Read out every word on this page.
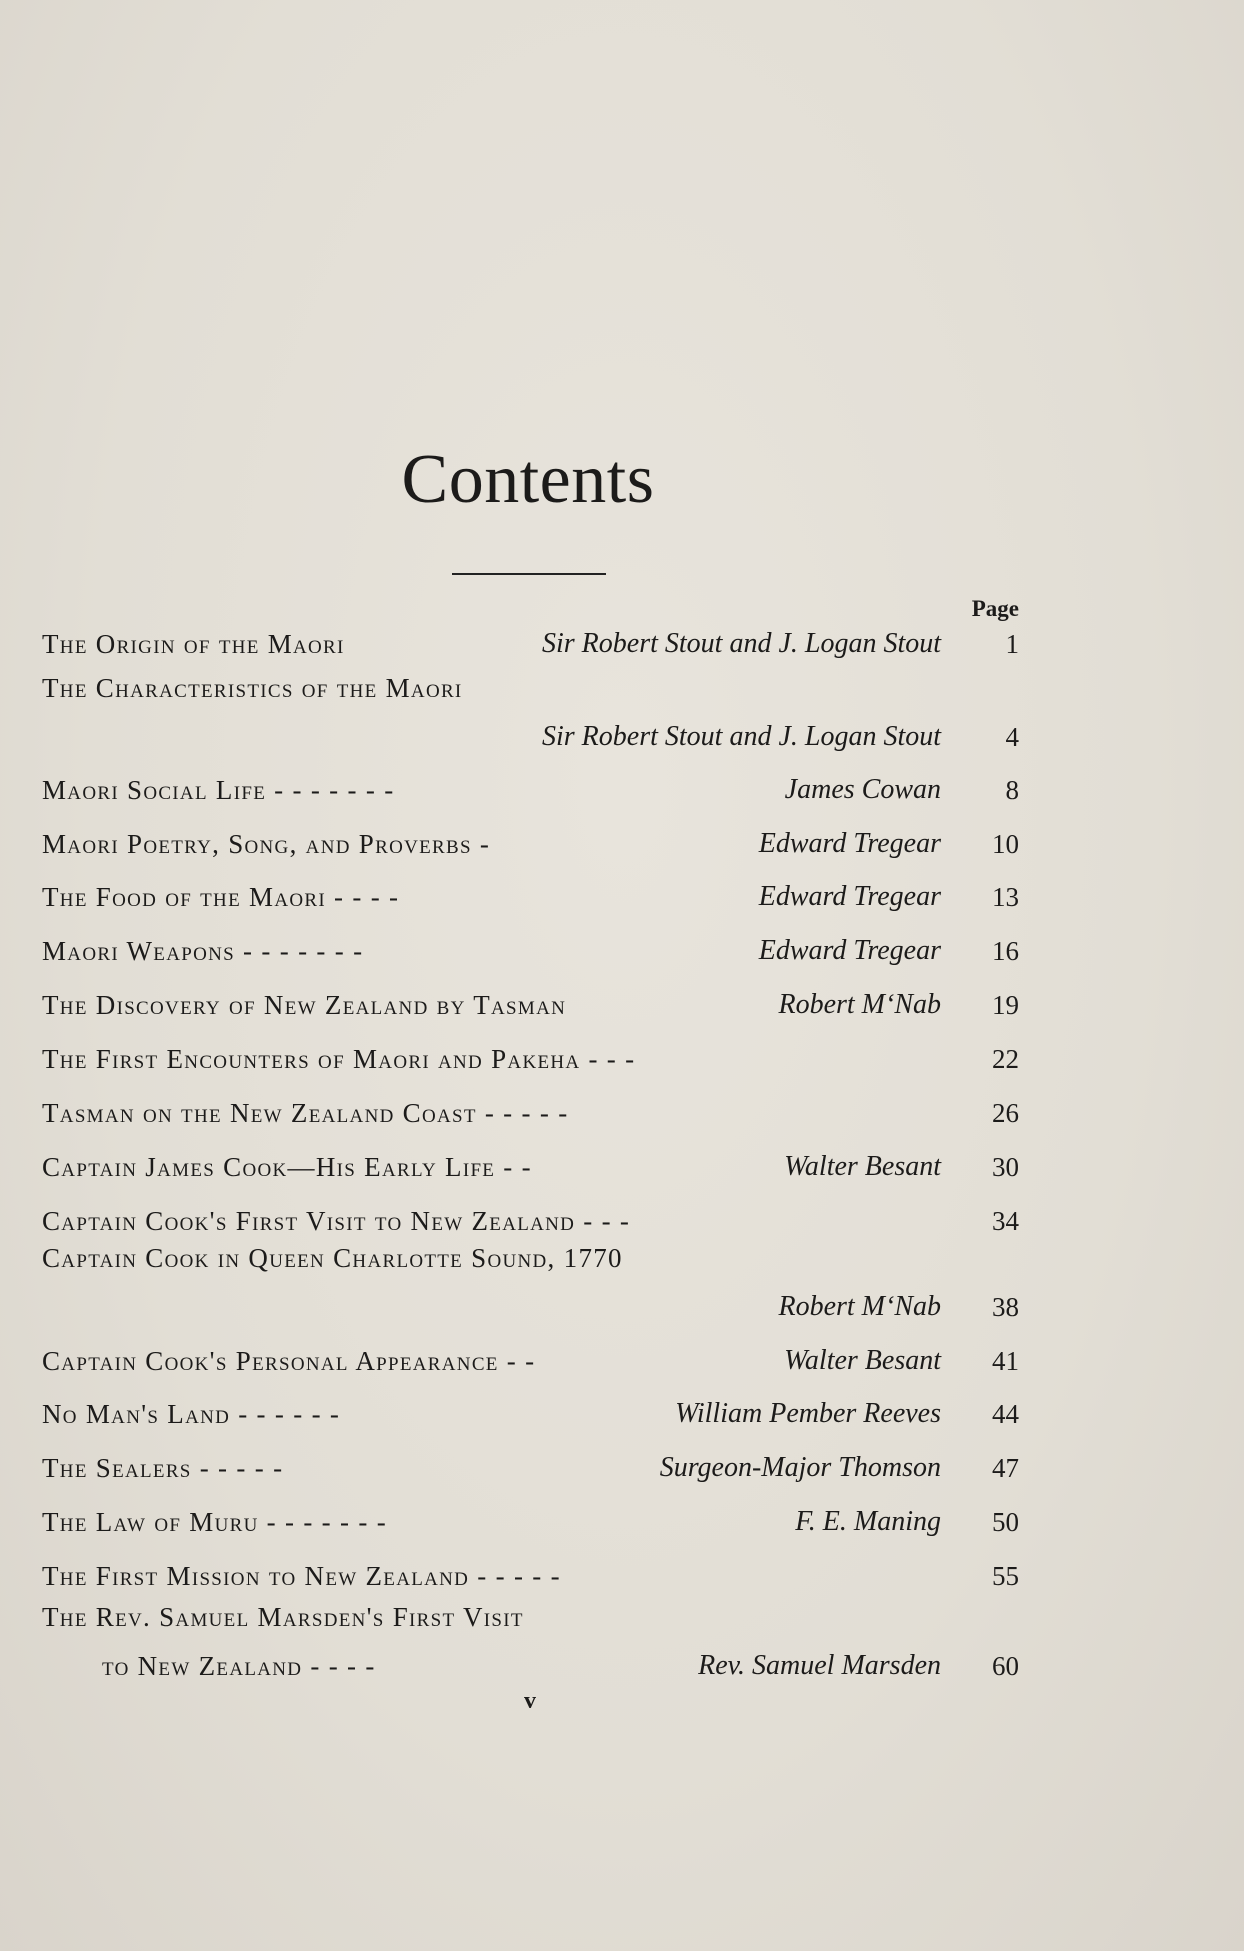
Contents
Page
The Origin of the Maori	Sir Robert Stout and J. Logan Stout	1
The Characteristics of the Maori
Sir Robert Stout and J. Logan Stout	4
Maori Social Life - - - - - - -	James Cowan	8
Maori Poetry, Song, and Proverbs -	Edward Tregear	10
The Food of the Maori - - - -	Edward Tregear	13
Maori Weapons - - - - - - -	Edward Tregear	16
The Discovery of New Zealand by Tasman	Robert M‘Nab	19
The First Encounters of Maori and Pakeha - - -	22
Tasman on the New Zealand Coast - - - - -	26
Captain James Cook—His Early Life - -	Walter Besant	30
Captain Cook's First Visit to New Zealand - - -	34
Captain Cook in Queen Charlotte Sound, 1770
Robert M‘Nab	38
Captain Cook's Personal Appearance - -	Walter Besant	41
No Man's Land - - - - - -	William Pember Reeves	44
The Sealers - - - - -	Surgeon-Major Thomson	47
The Law of Muru - - - - - - -	F. E. Maning	50
The First Mission to New Zealand - - - - -	55
The Rev. Samuel Marsden's First Visit
to New Zealand - - - -	Rev. Samuel Marsden	60
v
